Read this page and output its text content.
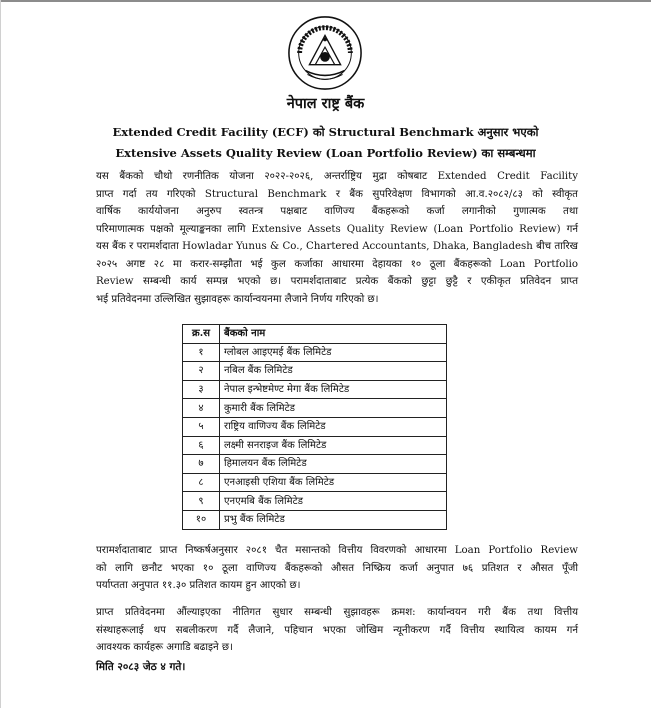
नेपाल राष्ट्र बैंक
Extended Credit Facility (ECF) को Structural Benchmark अनुसार भएको
Extensive Assets Quality Review (Loan Portfolio Review) का सम्बन्धमा
यस बैंकको चौथो रणनीतिक योजना २०२२-२०२६, अन्तर्राष्ट्रिय मुद्रा कोषबाट Extended Credit Facility
प्राप्त गर्दा तय गरिएको Structural Benchmark र बैंक सुपरिवेक्षण विभागको आ.व.२०८२/८३ को स्वीकृत
वार्षिक कार्ययोजना अनुरुप स्वतन्त्र पक्षबाट वाणिज्य बैंकहरूको कर्जा लगानीको गुणात्मक तथा
परिमाणात्मक पक्षको मूल्याङ्कनका लागि Extensive Assets Quality Review (Loan Portfolio Review) गर्न
यस बैंक र परामर्शदाता Howladar Yunus & Co., Chartered Accountants, Dhaka, Bangladesh बीच तारिख
२०२५ अगष्ट २८ मा करार-सम्झौता भई कुल कर्जाका आधारमा देहायका १० ठूला बैंकहरूको Loan Portfolio
Review सम्बन्धी कार्य सम्पन्न भएको छ। परामर्शदाताबाट प्रत्येक बैंकको छुट्टा छुट्टै र एकीकृत प्रतिवेदन प्राप्त
भई प्रतिवेदनमा उल्लिखित सुझावहरू कार्यान्वयनमा लैजाने निर्णय गरिएको छ।
क्र.स	बैंकको नाम
१	ग्लोबल आइएमई बैंक लिमिटेड
२	नबिल बैंक लिमिटेड
३	नेपाल इन्भेष्टमेण्ट मेगा बैंक लिमिटेड
४	कुमारी बैंक लिमिटेड
५	राष्ट्रिय वाणिज्य बैंक लिमिटेड
६	लक्ष्मी सनराइज बैंक लिमिटेड
७	हिमालयन बैंक लिमिटेड
८	एनआइसी एशिया बैंक लिमिटेड
९	एनएमबि बैंक लिमिटेड
१०	प्रभु बैंक लिमिटेड
परामर्शदाताबाट प्राप्त निष्कर्षअनुसार २०८१ चैत मसान्तको वित्तीय विवरणको आधारमा Loan Portfolio Review
को लागि छनौट भएका १० ठूला वाणिज्य बैंकहरूको औसत निष्क्रिय कर्जा अनुपात ७६ प्रतिशत र औसत पूँजी
पर्याप्तता अनुपात ११.३० प्रतिशत कायम हुन आएको छ।
प्राप्त प्रतिवेदनमा औंल्याइएका नीतिगत सुधार सम्बन्धी सुझावहरू क्रमश: कार्यान्वयन गरी बैंक तथा वित्तीय
संस्थाहरूलाई थप सबलीकरण गर्दै लैजाने, पहिचान भएका जोखिम न्यूनीकरण गर्दै वित्तीय स्थायित्व कायम गर्न
आवश्यक कार्यहरू अगाडि बढाइने छ।
मिति २०८३ जेठ ४ गते।
